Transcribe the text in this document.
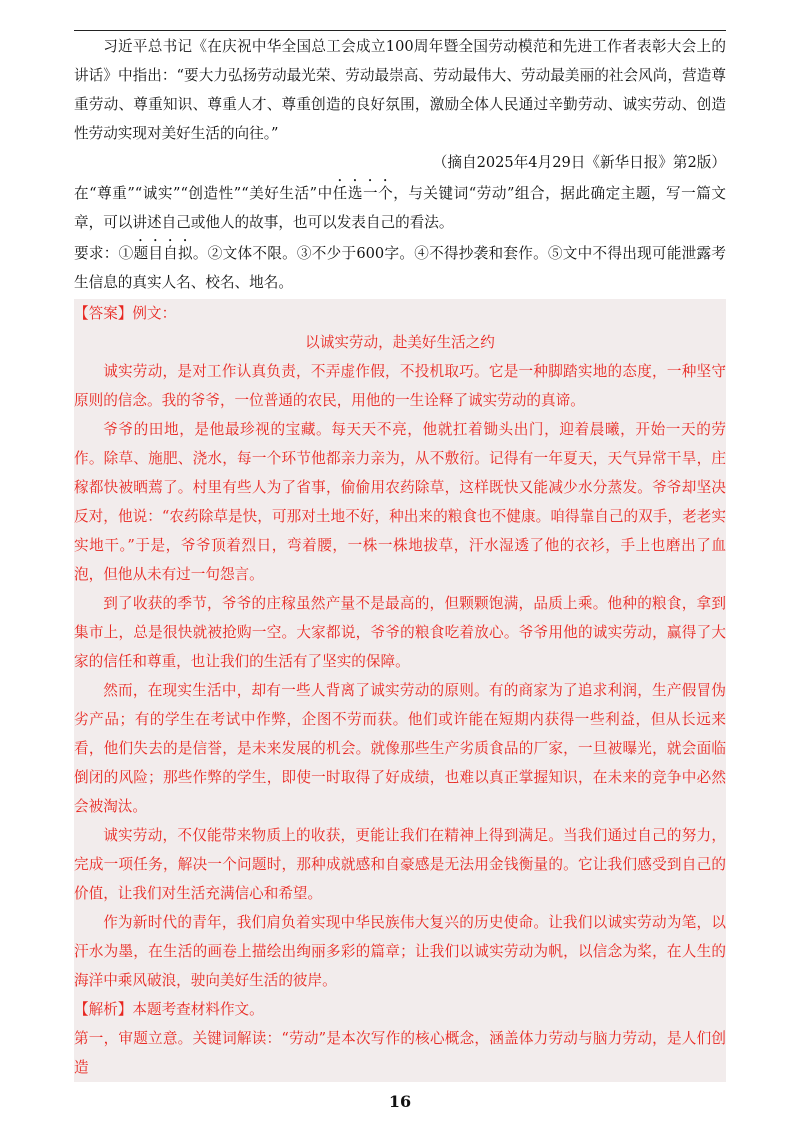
习近平总书记《在庆祝中华全国总工会成立100周年暨全国劳动模范和先进工作者表彰大会上的讲话》中指出：“要大力弘扬劳动最光荣、劳动最崇高、劳动最伟大、劳动最美丽的社会风尚，营造尊重劳动、尊重知识、尊重人才、尊重创造的良好氛围，激励全体人民通过辛勤劳动、诚实劳动、创造性劳动实现对美好生活的向往。”

（摘自2025年4月29日《新华日报》第2版）

在“尊重”“诚实”“创造性”“美好生活”中任选一个，与关键词“劳动”组合，据此确定主题，写一篇文章，可以讲述自己或他人的故事，也可以发表自己的看法。

要求：①题目自拟。②文体不限。③不少于600字。④不得抄袭和套作。⑤文中不得出现可能泄露考生信息的真实人名、校名、地名。

【答案】例文：

以诚实劳动，赴美好生活之约

诚实劳动，是对工作认真负责，不弄虚作假，不投机取巧。它是一种脚踏实地的态度，一种坚守原则的信念。我的爷爷，一位普通的农民，用他的一生诠释了诚实劳动的真谛。

爷爷的田地，是他最珍视的宝藏。每天天不亮，他就扛着锄头出门，迎着晨曦，开始一天的劳作。除草、施肥、浇水，每一个环节他都亲力亲为，从不敷衍。记得有一年夏天，天气异常干旱，庄稼都快被晒蔫了。村里有些人为了省事，偷偷用农药除草，这样既快又能减少水分蒸发。爷爷却坚决反对，他说：“农药除草是快，可那对土地不好，种出来的粮食也不健康。咱得靠自己的双手，老老实实地干。”于是，爷爷顶着烈日，弯着腰，一株一株地拔草，汗水湿透了他的衣衫，手上也磨出了血泡，但他从未有过一句怨言。

到了收获的季节，爷爷的庄稼虽然产量不是最高的，但颗颗饱满，品质上乘。他种的粮食，拿到集市上，总是很快就被抢购一空。大家都说，爷爷的粮食吃着放心。爷爷用他的诚实劳动，赢得了大家的信任和尊重，也让我们的生活有了坚实的保障。

然而，在现实生活中，却有一些人背离了诚实劳动的原则。有的商家为了追求利润，生产假冒伪劣产品；有的学生在考试中作弊，企图不劳而获。他们或许能在短期内获得一些利益，但从长远来看，他们失去的是信誉，是未来发展的机会。就像那些生产劣质食品的厂家，一旦被曝光，就会面临倒闭的风险；那些作弊的学生，即使一时取得了好成绩，也难以真正掌握知识，在未来的竞争中必然会被淘汰。

诚实劳动，不仅能带来物质上的收获，更能让我们在精神上得到满足。当我们通过自己的努力，完成一项任务，解决一个问题时，那种成就感和自豪感是无法用金钱衡量的。它让我们感受到自己的价值，让我们对生活充满信心和希望。

作为新时代的青年，我们肩负着实现中华民族伟大复兴的历史使命。让我们以诚实劳动为笔，以汗水为墨，在生活的画卷上描绘出绚丽多彩的篇章；让我们以诚实劳动为帆，以信念为桨，在人生的海洋中乘风破浪，驶向美好生活的彼岸。

【解析】本题考查材料作文。

第一，审题立意。关键词解读：“劳动”是本次写作的核心概念，涵盖体力劳动与脑力劳动，是人们创造

16
